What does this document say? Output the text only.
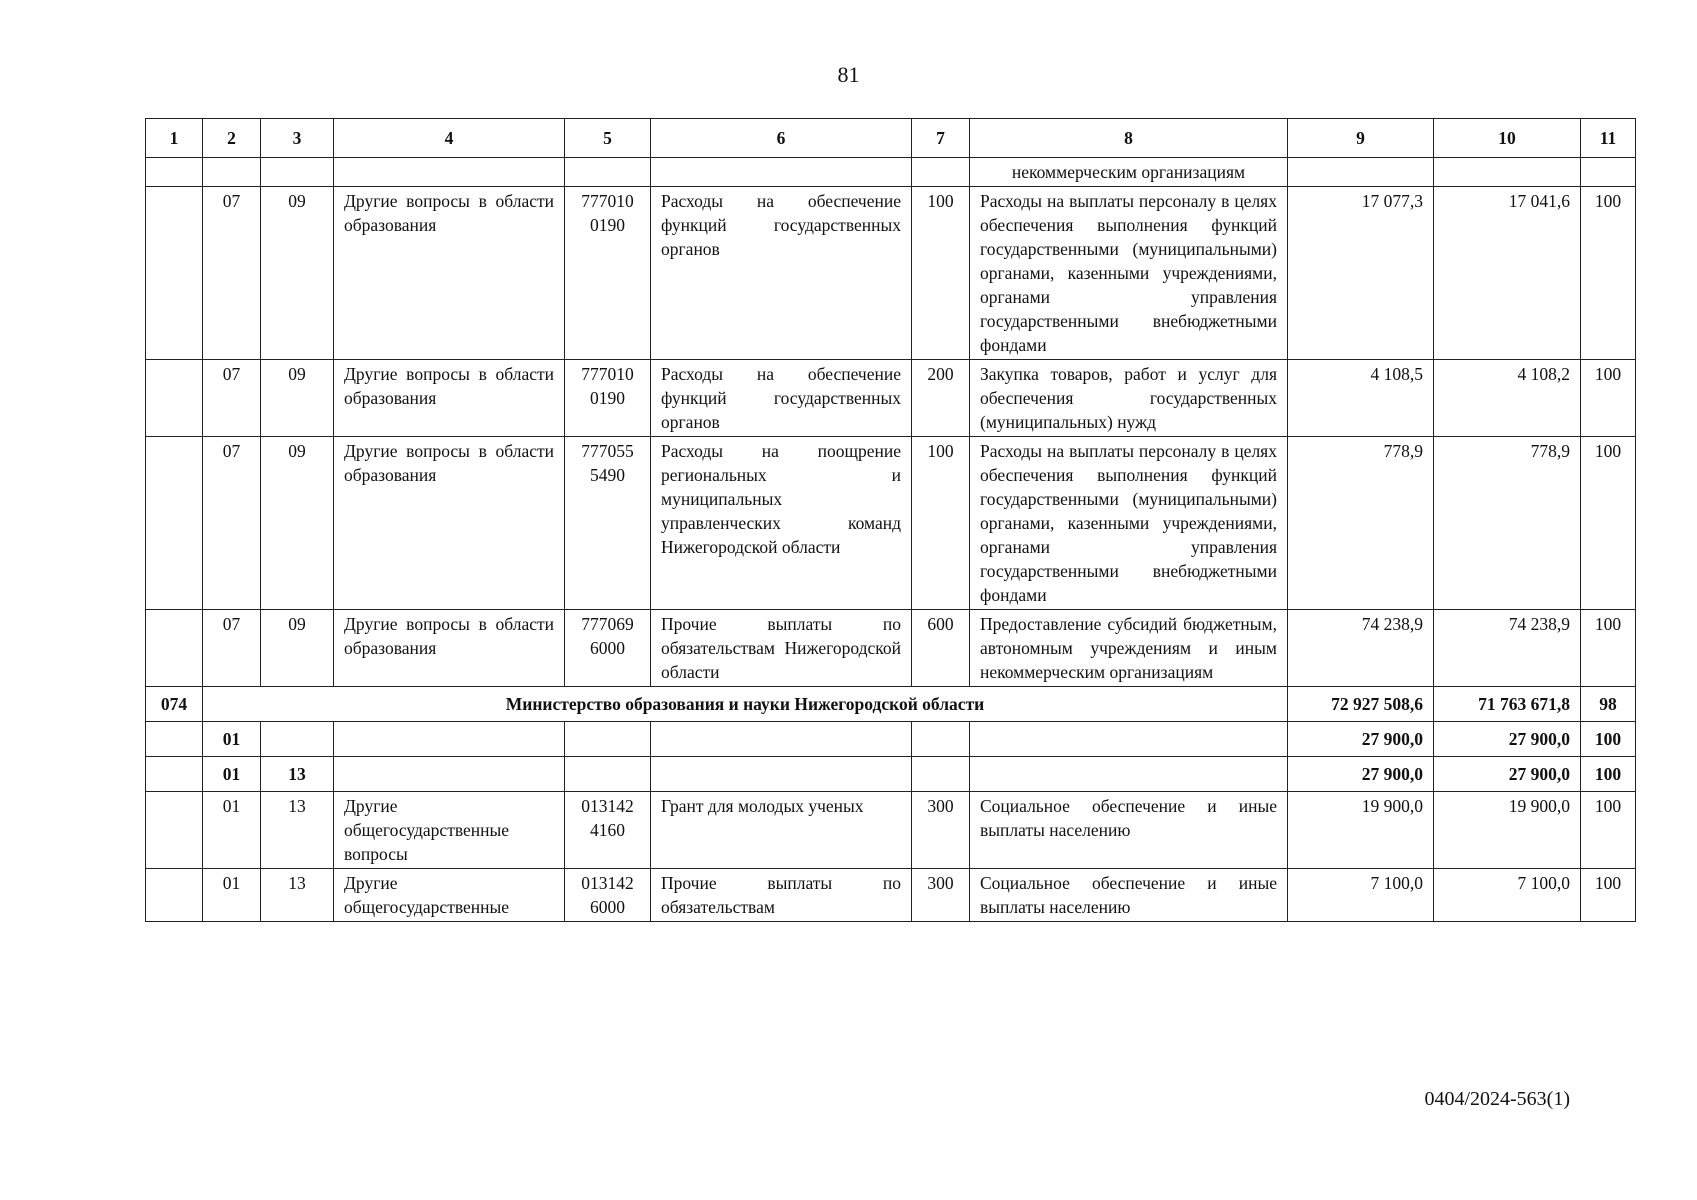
81
1	2	3	4	5	6	7	8	9	10	11
							некоммерческим организациям			
	07	09	Другие вопросы в области образования	777010 0190	Расходы на обеспечение функций государственных органов	100	Расходы на выплаты персоналу в целях обеспечения выполнения функций государственными (муниципальными) органами, казенными учреждениями, органами управления государственными внебюджетными фондами	17 077,3	17 041,6	100
	07	09	Другие вопросы в области образования	777010 0190	Расходы на обеспечение функций государственных органов	200	Закупка товаров, работ и услуг для обеспечения государственных (муниципальных) нужд	4 108,5	4 108,2	100
	07	09	Другие вопросы в области образования	777055 5490	Расходы на поощрение региональных и муниципальных управленческих команд Нижегородской области	100	Расходы на выплаты персоналу в целях обеспечения выполнения функций государственными (муниципальными) органами, казенными учреждениями, органами управления государственными внебюджетными фондами	778,9	778,9	100
	07	09	Другие вопросы в области образования	777069 6000	Прочие выплаты по обязательствам Нижегородской области	600	Предоставление субсидий бюджетным, автономным учреждениям и иным некоммерческим организациям	74 238,9	74 238,9	100
074	Министерство образования и науки Нижегородской области							72 927 508,6	71 763 671,8	98
	01							27 900,0	27 900,0	100
	01	13						27 900,0	27 900,0	100
	01	13	Другие общегосударственные вопросы	013142 4160	Грант для молодых ученых	300	Социальное обеспечение и иные выплаты населению	19 900,0	19 900,0	100
	01	13	Другие общегосударственные	013142 6000	Прочие выплаты по обязательствам	300	Социальное обеспечение и иные выплаты населению	7 100,0	7 100,0	100
0404/2024-563(1)
